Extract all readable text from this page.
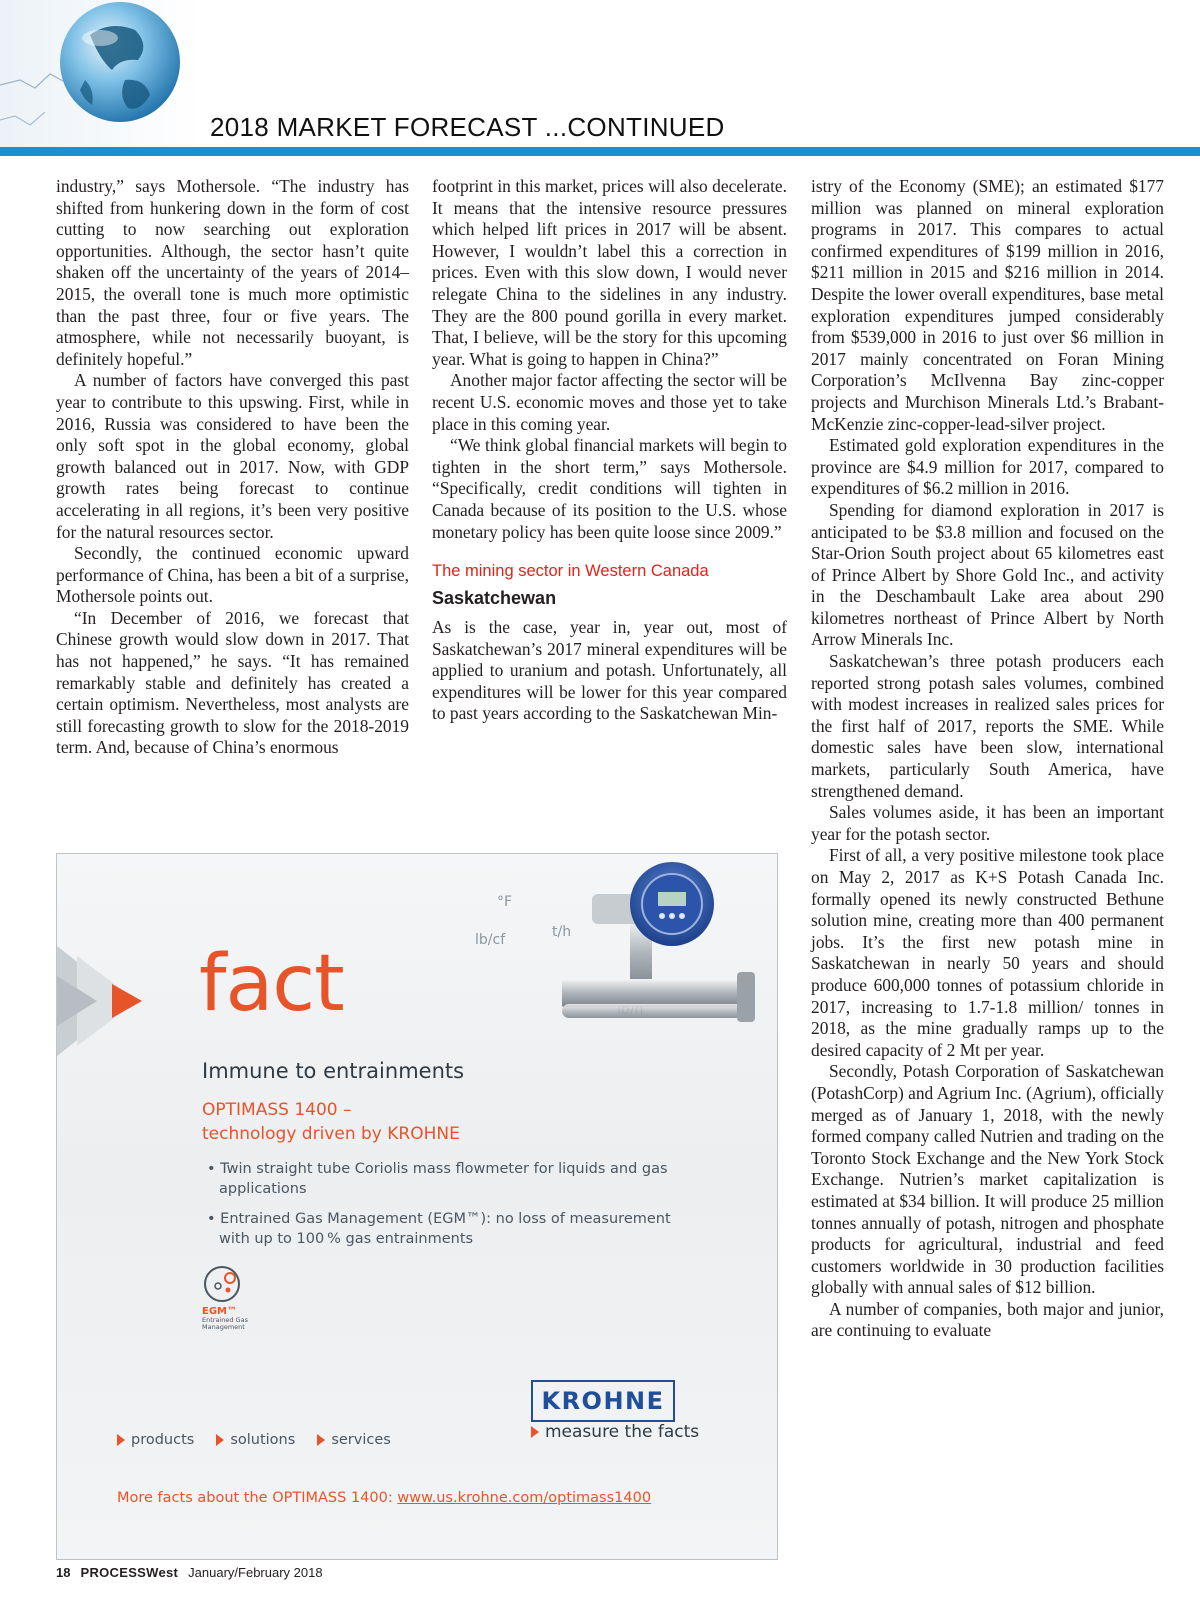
2018 MARKET FORECAST ...CONTINUED

industry,” says Mothersole. “The industry has shifted from hunkering down in the form of cost cutting to now searching out exploration opportunities. Although, the sector hasn’t quite shaken off the uncertainty of the years of 2014–2015, the overall tone is much more optimistic than the past three, four or five years. The atmosphere, while not necessarily buoyant, is definitely hopeful.”

A number of factors have converged this past year to contribute to this upswing. First, while in 2016, Russia was considered to have been the only soft spot in the global economy, global growth balanced out in 2017. Now, with GDP growth rates being forecast to continue accelerating in all regions, it’s been very positive for the natural resources sector.

Secondly, the continued economic upward performance of China, has been a bit of a surprise, Mothersole points out.

“In December of 2016, we forecast that Chinese growth would slow down in 2017. That has not happened,” he says. “It has remained remarkably stable and definitely has created a certain optimism. Nevertheless, most analysts are still forecasting growth to slow for the 2018-2019 term. And, because of China’s enormous

footprint in this market, prices will also decelerate. It means that the intensive resource pressures which helped lift prices in 2017 will be absent. However, I wouldn’t label this a correction in prices. Even with this slow down, I would never relegate China to the sidelines in any industry. They are the 800 pound gorilla in every market. That, I believe, will be the story for this upcoming year. What is going to happen in China?”

Another major factor affecting the sector will be recent U.S. economic moves and those yet to take place in this coming year.

“We think global financial markets will begin to tighten in the short term,” says Mothersole. “Specifically, credit conditions will tighten in Canada because of its position to the U.S. whose monetary policy has been quite loose since 2009.”

The mining sector in Western Canada
Saskatchewan

As is the case, year in, year out, most of Saskatchewan’s 2017 mineral expenditures will be applied to uranium and potash. Unfortunately, all expenditures will be lower for this year compared to past years according to the Saskatchewan Min-

istry of the Economy (SME); an estimated $177 million was planned on mineral exploration programs in 2017. This compares to actual confirmed expenditures of $199 million in 2016, $211 million in 2015 and $216 million in 2014. Despite the lower overall expenditures, base metal exploration expenditures jumped considerably from $539,000 in 2016 to just over $6 million in 2017 mainly concentrated on Foran Mining Corporation’s McIlvenna Bay zinc-copper projects and Murchison Minerals Ltd.’s Brabant-McKenzie zinc-copper-lead-silver project.

Estimated gold exploration expenditures in the province are $4.9 million for 2017, compared to expenditures of $6.2 million in 2016.

Spending for diamond exploration in 2017 is anticipated to be $3.8 million and focused on the Star-Orion South project about 65 kilometres east of Prince Albert by Shore Gold Inc., and activity in the Deschambault Lake area about 290 kilometres northeast of Prince Albert by North Arrow Minerals Inc.

Saskatchewan’s three potash producers each reported strong potash sales volumes, combined with modest increases in realized sales prices for the first half of 2017, reports the SME. While domestic sales have been slow, international markets, particularly South America, have strengthened demand.

Sales volumes aside, it has been an important year for the potash sector.

First of all, a very positive milestone took place on May 2, 2017 as K+S Potash Canada Inc. formally opened its newly constructed Bethune solution mine, creating more than 400 permanent jobs. It’s the first new potash mine in Saskatchewan in nearly 50 years and should produce 600,000 tonnes of potassium chloride in 2017, increasing to 1.7-1.8 million/ tonnes in 2018, as the mine gradually ramps up to the desired capacity of 2 Mt per year.

Secondly, Potash Corporation of Saskatchewan (PotashCorp) and Agrium Inc. (Agrium), officially merged as of January 1, 2018, with the newly formed company called Nutrien and trading on the Toronto Stock Exchange and the New York Stock Exchange. Nutrien’s market capitalization is estimated at $34 billion. It will produce 25 million tonnes annually of potash, nitrogen and phosphate products for agricultural, industrial and feed customers worldwide in 30 production facilities globally with annual sales of $12 billion.

A number of companies, both major and junior, are continuing to evaluate

fact
°F
lb/cf	t/h
Immune to entrainments
OPTIMASS 1400 –
technology driven by KROHNE
• Twin straight tube Coriolis mass flowmeter for liquids and gas applications
• Entrained Gas Management (EGM™): no loss of measurement with up to 100 % gas entrainments
EGM™
Entrained Gas
Management
KROHNE
measure the facts
products solutions services
More facts about the OPTIMASS 1400: www.us.krohne.com/optimass1400
18 PROCESSWest January/February 2018
